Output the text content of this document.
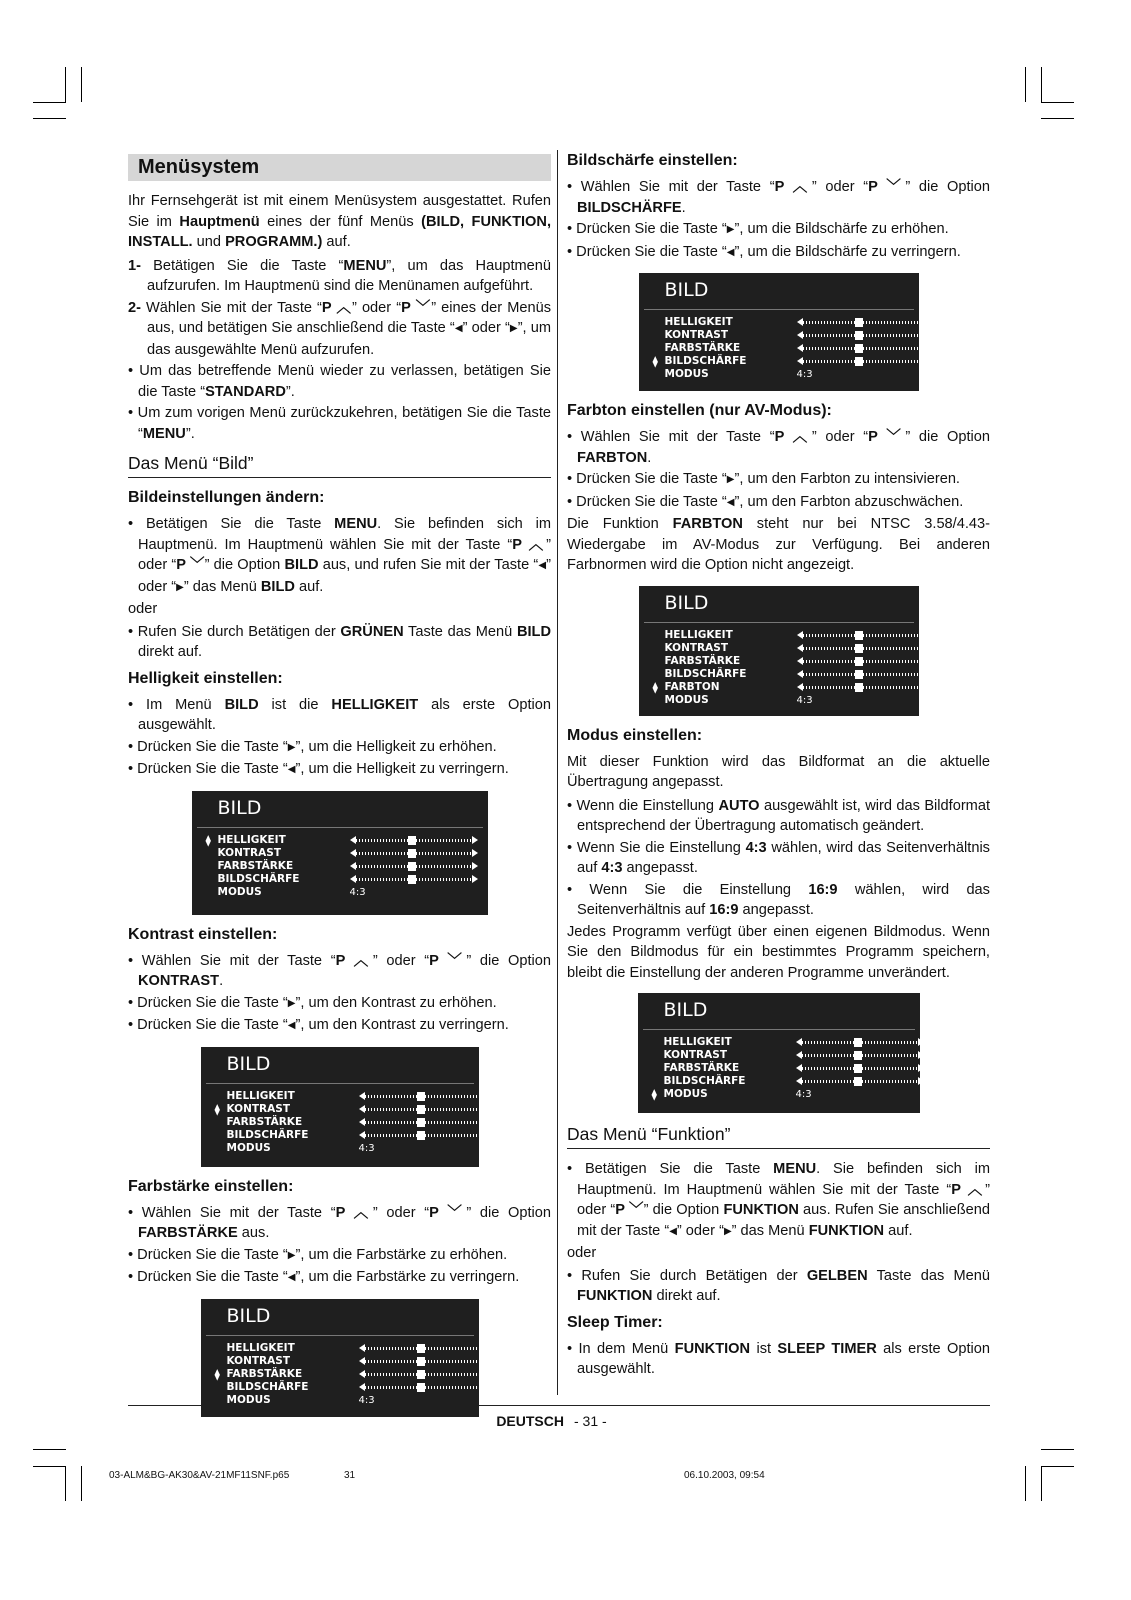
Menüsystem

Ihr Fernsehgerät ist mit einem Menüsystem ausgestattet. Rufen Sie im Hauptmenü eines der fünf Menüs (BILD, FUNKTION, INSTALL. und PROGRAMM.) auf.

1- Betätigen Sie die Taste “MENU”, um das Hauptmenü aufzurufen. Im Hauptmenü sind die Menünamen aufgeführt.

2- Wählen Sie mit der Taste “P ︿” oder “P ﹀” eines der Menüs aus, und betätigen Sie anschließend die Taste “◀” oder “▶”, um das ausgewählte Menü aufzurufen.

• Um das betreffende Menü wieder zu verlassen, betätigen Sie die Taste “STANDARD”.

• Um zum vorigen Menü zurückzukehren, betätigen Sie die Taste “MENU”.

Das Menü “Bild”
Bildeinstellungen ändern:

• Betätigen Sie die Taste MENU. Sie befinden sich im Hauptmenü. Im Hauptmenü wählen Sie mit der Taste “P ︿” oder “P ﹀” die Option BILD aus, und rufen Sie mit der Taste “◀” oder “▶” das Menü BILD auf.

oder

• Rufen Sie durch Betätigen der GRÜNEN Taste das Menü BILD direkt auf.

Helligkeit einstellen:

• Im Menü BILD ist die HELLIGKEIT als erste Option ausgewählt.

• Drücken Sie die Taste “▶”, um die Helligkeit zu erhöhen.

• Drücken Sie die Taste “◀”, um die Helligkeit zu verringern.

BILD
⧫ HELLIGKEIT
KONTRAST
FARBSTÄRKE
BILDSCHÄRFE
MODUS	4:3
Kontrast einstellen:

• Wählen Sie mit der Taste “P ︿” oder “P ﹀” die Option KONTRAST.

• Drücken Sie die Taste “▶”, um den Kontrast zu erhöhen.

• Drücken Sie die Taste “◀”, um den Kontrast zu verringern.

BILD
HELLIGKEIT
⧫ KONTRAST
FARBSTÄRKE
BILDSCHÄRFE
MODUS	4:3
Farbstärke einstellen:

• Wählen Sie mit der Taste “P ︿” oder “P ﹀” die Option FARBSTÄRKE aus.

• Drücken Sie die Taste “▶”, um die Farbstärke zu erhöhen.

• Drücken Sie die Taste “◀”, um die Farbstärke zu verringern.

BILD
HELLIGKEIT
KONTRAST
⧫ FARBSTÄRKE
BILDSCHÄRFE
MODUS	4:3
Bildschärfe einstellen:

• Wählen Sie mit der Taste “P ︿” oder “P ﹀” die Option BILDSCHÄRFE.

• Drücken Sie die Taste “▶”, um die Bildschärfe zu erhöhen.

• Drücken Sie die Taste “◀”, um die Bildschärfe zu verringern.

BILD
HELLIGKEIT
KONTRAST
FARBSTÄRKE
⧫ BILDSCHÄRFE
MODUS	4:3
Farbton einstellen (nur AV-Modus):

• Wählen Sie mit der Taste “P ︿” oder “P ﹀” die Option FARBTON.

• Drücken Sie die Taste “▶”, um den Farbton zu intensivieren.

• Drücken Sie die Taste “◀”, um den Farbton abzuschwächen.

Die Funktion FARBTON steht nur bei NTSC 3.58/4.43-Wiedergabe im AV-Modus zur Verfügung. Bei anderen Farbnormen wird die Option nicht angezeigt.

BILD
HELLIGKEIT
KONTRAST
FARBSTÄRKE
BILDSCHÄRFE
⧫ FARBTON
MODUS	4:3
Modus einstellen:

Mit dieser Funktion wird das Bildformat an die aktuelle Übertragung angepasst.

• Wenn die Einstellung AUTO ausgewählt ist, wird das Bildformat entsprechend der Übertragung automatisch geändert.

• Wenn Sie die Einstellung 4:3 wählen, wird das Seitenverhältnis auf 4:3 angepasst.

• Wenn Sie die Einstellung 16:9 wählen, wird das Seitenverhältnis auf 16:9 angepasst.

Jedes Programm verfügt über einen eigenen Bildmodus. Wenn Sie den Bildmodus für ein bestimmtes Programm speichern, bleibt die Einstellung der anderen Programme unverändert.

BILD
HELLIGKEIT
KONTRAST
FARBSTÄRKE
BILDSCHÄRFE
⧫ MODUS	4:3
Das Menü “Funktion”

• Betätigen Sie die Taste MENU. Sie befinden sich im Hauptmenü. Im Hauptmenü wählen Sie mit der Taste “P ︿” oder “P ﹀” die Option FUNKTION aus. Rufen Sie anschließend mit der Taste “◀” oder “▶” das Menü FUNKTION auf.

oder

• Rufen Sie durch Betätigen der GELBEN Taste das Menü FUNKTION direkt auf.

Sleep Timer:

• In dem Menü FUNKTION ist SLEEP TIMER als erste Option ausgewählt.

DEUTSCH - 31 -
03-ALM&BG-AK30&AV-21MF11SNF.p65	31	06.10.2003, 09:54
